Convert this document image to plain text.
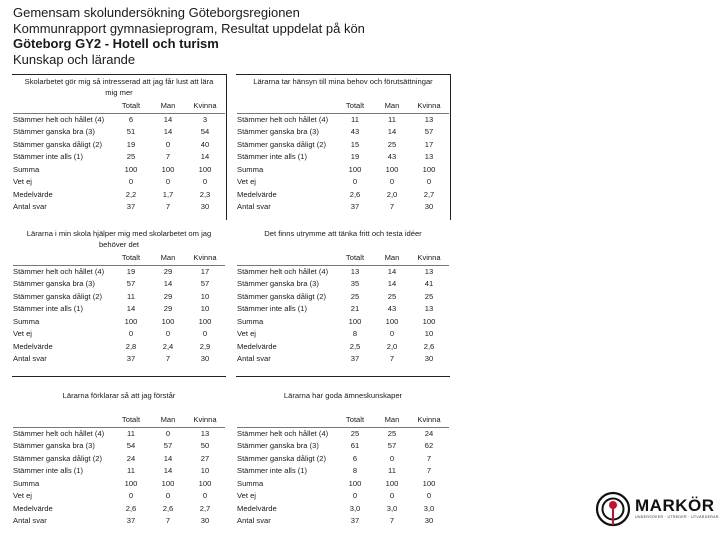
Gemensam skolundersökning Göteborgsregionen
Kommunrapport gymnasieprogram, Resultat uppdelat på kön
Göteborg GY2 - Hotell och turism
Kunskap och lärande
Skolarbetet gör mig så intresserad att jag får lust att lära mig mer
	Totalt	Man	Kvinna
Stämmer helt och hållet (4)	6	14	3
Stämmer ganska bra (3)	51	14	54
Stämmer ganska dåligt (2)	19	0	40
Stämmer inte alls (1)	25	7	14
Summa	100	100	100
Vet ej	0	0	0
Medelvärde	2,2	1,7	2,3
Antal svar	37	7	30
Lärarna tar hänsyn till mina behov och förutsättningar
	Totalt	Man	Kvinna
Stämmer helt och hållet (4)	11	11	13
Stämmer ganska bra (3)	43	14	57
Stämmer ganska dåligt (2)	15	25	17
Stämmer inte alls (1)	19	43	13
Summa	100	100	100
Vet ej	0	0	0
Medelvärde	2,6	2,0	2,7
Antal svar	37	7	30
Lärarna i min skola hjälper mig med skolarbetet om jag behöver det
	Totalt	Man	Kvinna
Stämmer helt och hållet (4)	19	29	17
Stämmer ganska bra (3)	57	14	57
Stämmer ganska dåligt (2)	11	29	10
Stämmer inte alls (1)	14	29	10
Summa	100	100	100
Vet ej	0	0	0
Medelvärde	2,8	2,4	2,9
Antal svar	37	7	30
Det finns utrymme att tänka fritt och testa idéer
	Totalt	Man	Kvinna
Stämmer helt och hållet (4)	13	14	13
Stämmer ganska bra (3)	35	14	41
Stämmer ganska dåligt (2)	25	25	25
Stämmer inte alls (1)	21	43	13
Summa	100	100	100
Vet ej	8	0	10
Medelvärde	2,5	2,0	2,6
Antal svar	37	7	30
Lärarna förklarar så att jag förstår
	Totalt	Man	Kvinna
Stämmer helt och hållet (4)	11	0	13
Stämmer ganska bra (3)	54	57	50
Stämmer ganska dåligt (2)	24	14	27
Stämmer inte alls (1)	11	14	10
Summa	100	100	100
Vet ej	0	0	0
Medelvärde	2,6	2,6	2,7
Antal svar	37	7	30
Lärarna har goda ämneskunskaper
	Totalt	Man	Kvinna
Stämmer helt och hållet (4)	25	25	24
Stämmer ganska bra (3)	61	57	62
Stämmer ganska dåligt (2)	6	0	7
Stämmer inte alls (1)	8	11	7
Summa	100	100	100
Vet ej	0	0	0
Medelvärde	3,0	3,0	3,0
Antal svar	37	7	30
MARKÖR
UNDERSÖKER · UTREDER · UTVÄRDERAR
